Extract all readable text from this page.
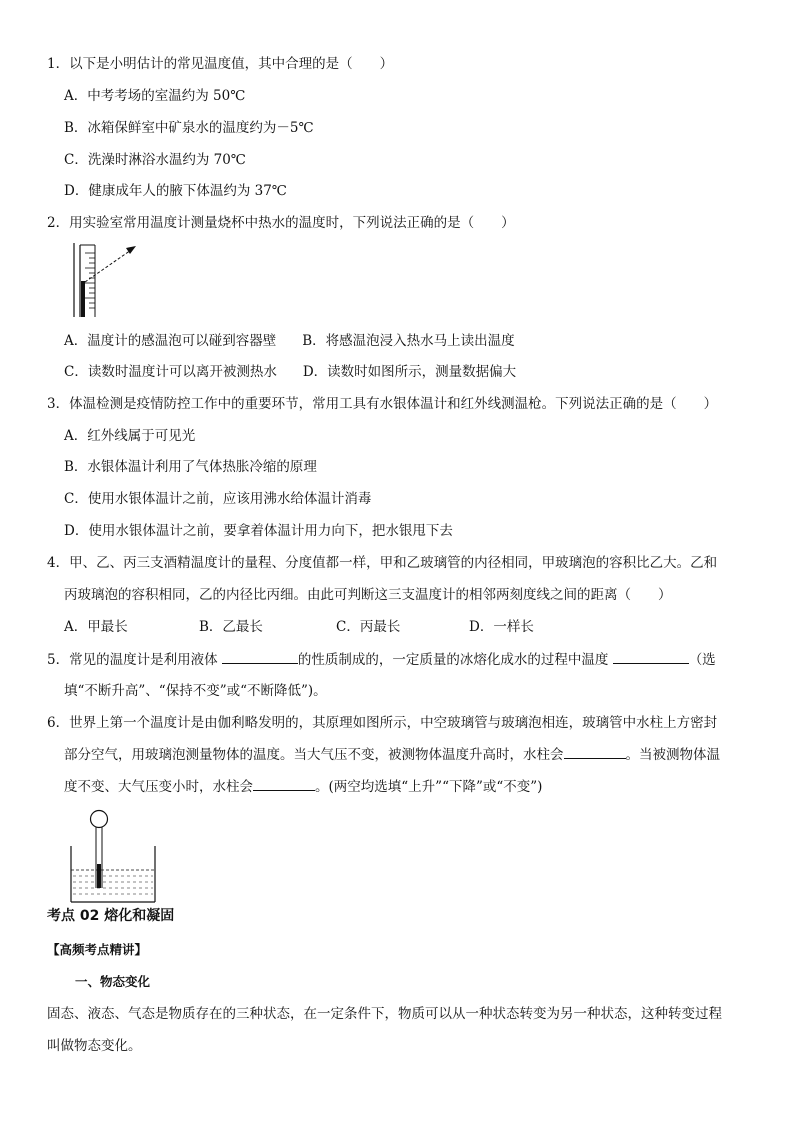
1．以下是小明估计的常见温度值，其中合理的是（　　）
A．中考考场的室温约为 50℃
B．冰箱保鲜室中矿泉水的温度约为－5℃
C．洗澡时淋浴水温约为 70℃
D．健康成年人的腋下体温约为 37℃
2．用实验室常用温度计测量烧杯中热水的温度时，下列说法正确的是（　　）
A．温度计的感温泡可以碰到容器壁 B．将感温泡浸入热水马上读出温度
C．读数时温度计可以离开被测热水 D．读数时如图所示，测量数据偏大
3．体温检测是疫情防控工作中的重要环节，常用工具有水银体温计和红外线测温枪。下列说法正确的是（　　）
A．红外线属于可见光
B．水银体温计利用了气体热胀冷缩的原理
C．使用水银体温计之前，应该用沸水给体温计消毒
D．使用水银体温计之前，要拿着体温计用力向下，把水银甩下去
4．甲、乙、丙三支酒精温度计的量程、分度值都一样，甲和乙玻璃管的内径相同，甲玻璃泡的容积比乙大。乙和
丙玻璃泡的容积相同，乙的内径比丙细。由此可判断这三支温度计的相邻两刻度线之间的距离（　　）
A．甲最长	B．乙最长	C．丙最长	D．一样长
5．常见的温度计是利用液体	的性质制成的，一定质量的冰熔化成水的过程中温度	（选
填“不断升高”、“保持不变”或“不断降低”)。
6．世界上第一个温度计是由伽利略发明的，其原理如图所示，中空玻璃管与玻璃泡相连，玻璃管中水柱上方密封
部分空气，用玻璃泡测量物体的温度。当大气压不变，被测物体温度升高时，水柱会	。当被测物体温
度不变、大气压变小时，水柱会	。(两空均选填“上升”“下降”或“不变”)
考点 02 熔化和凝固
【高频考点精讲】
一、物态变化
固态、液态、气态是物质存在的三种状态，在一定条件下，物质可以从一种状态转变为另一种状态，这种转变过程
叫做物态变化。
